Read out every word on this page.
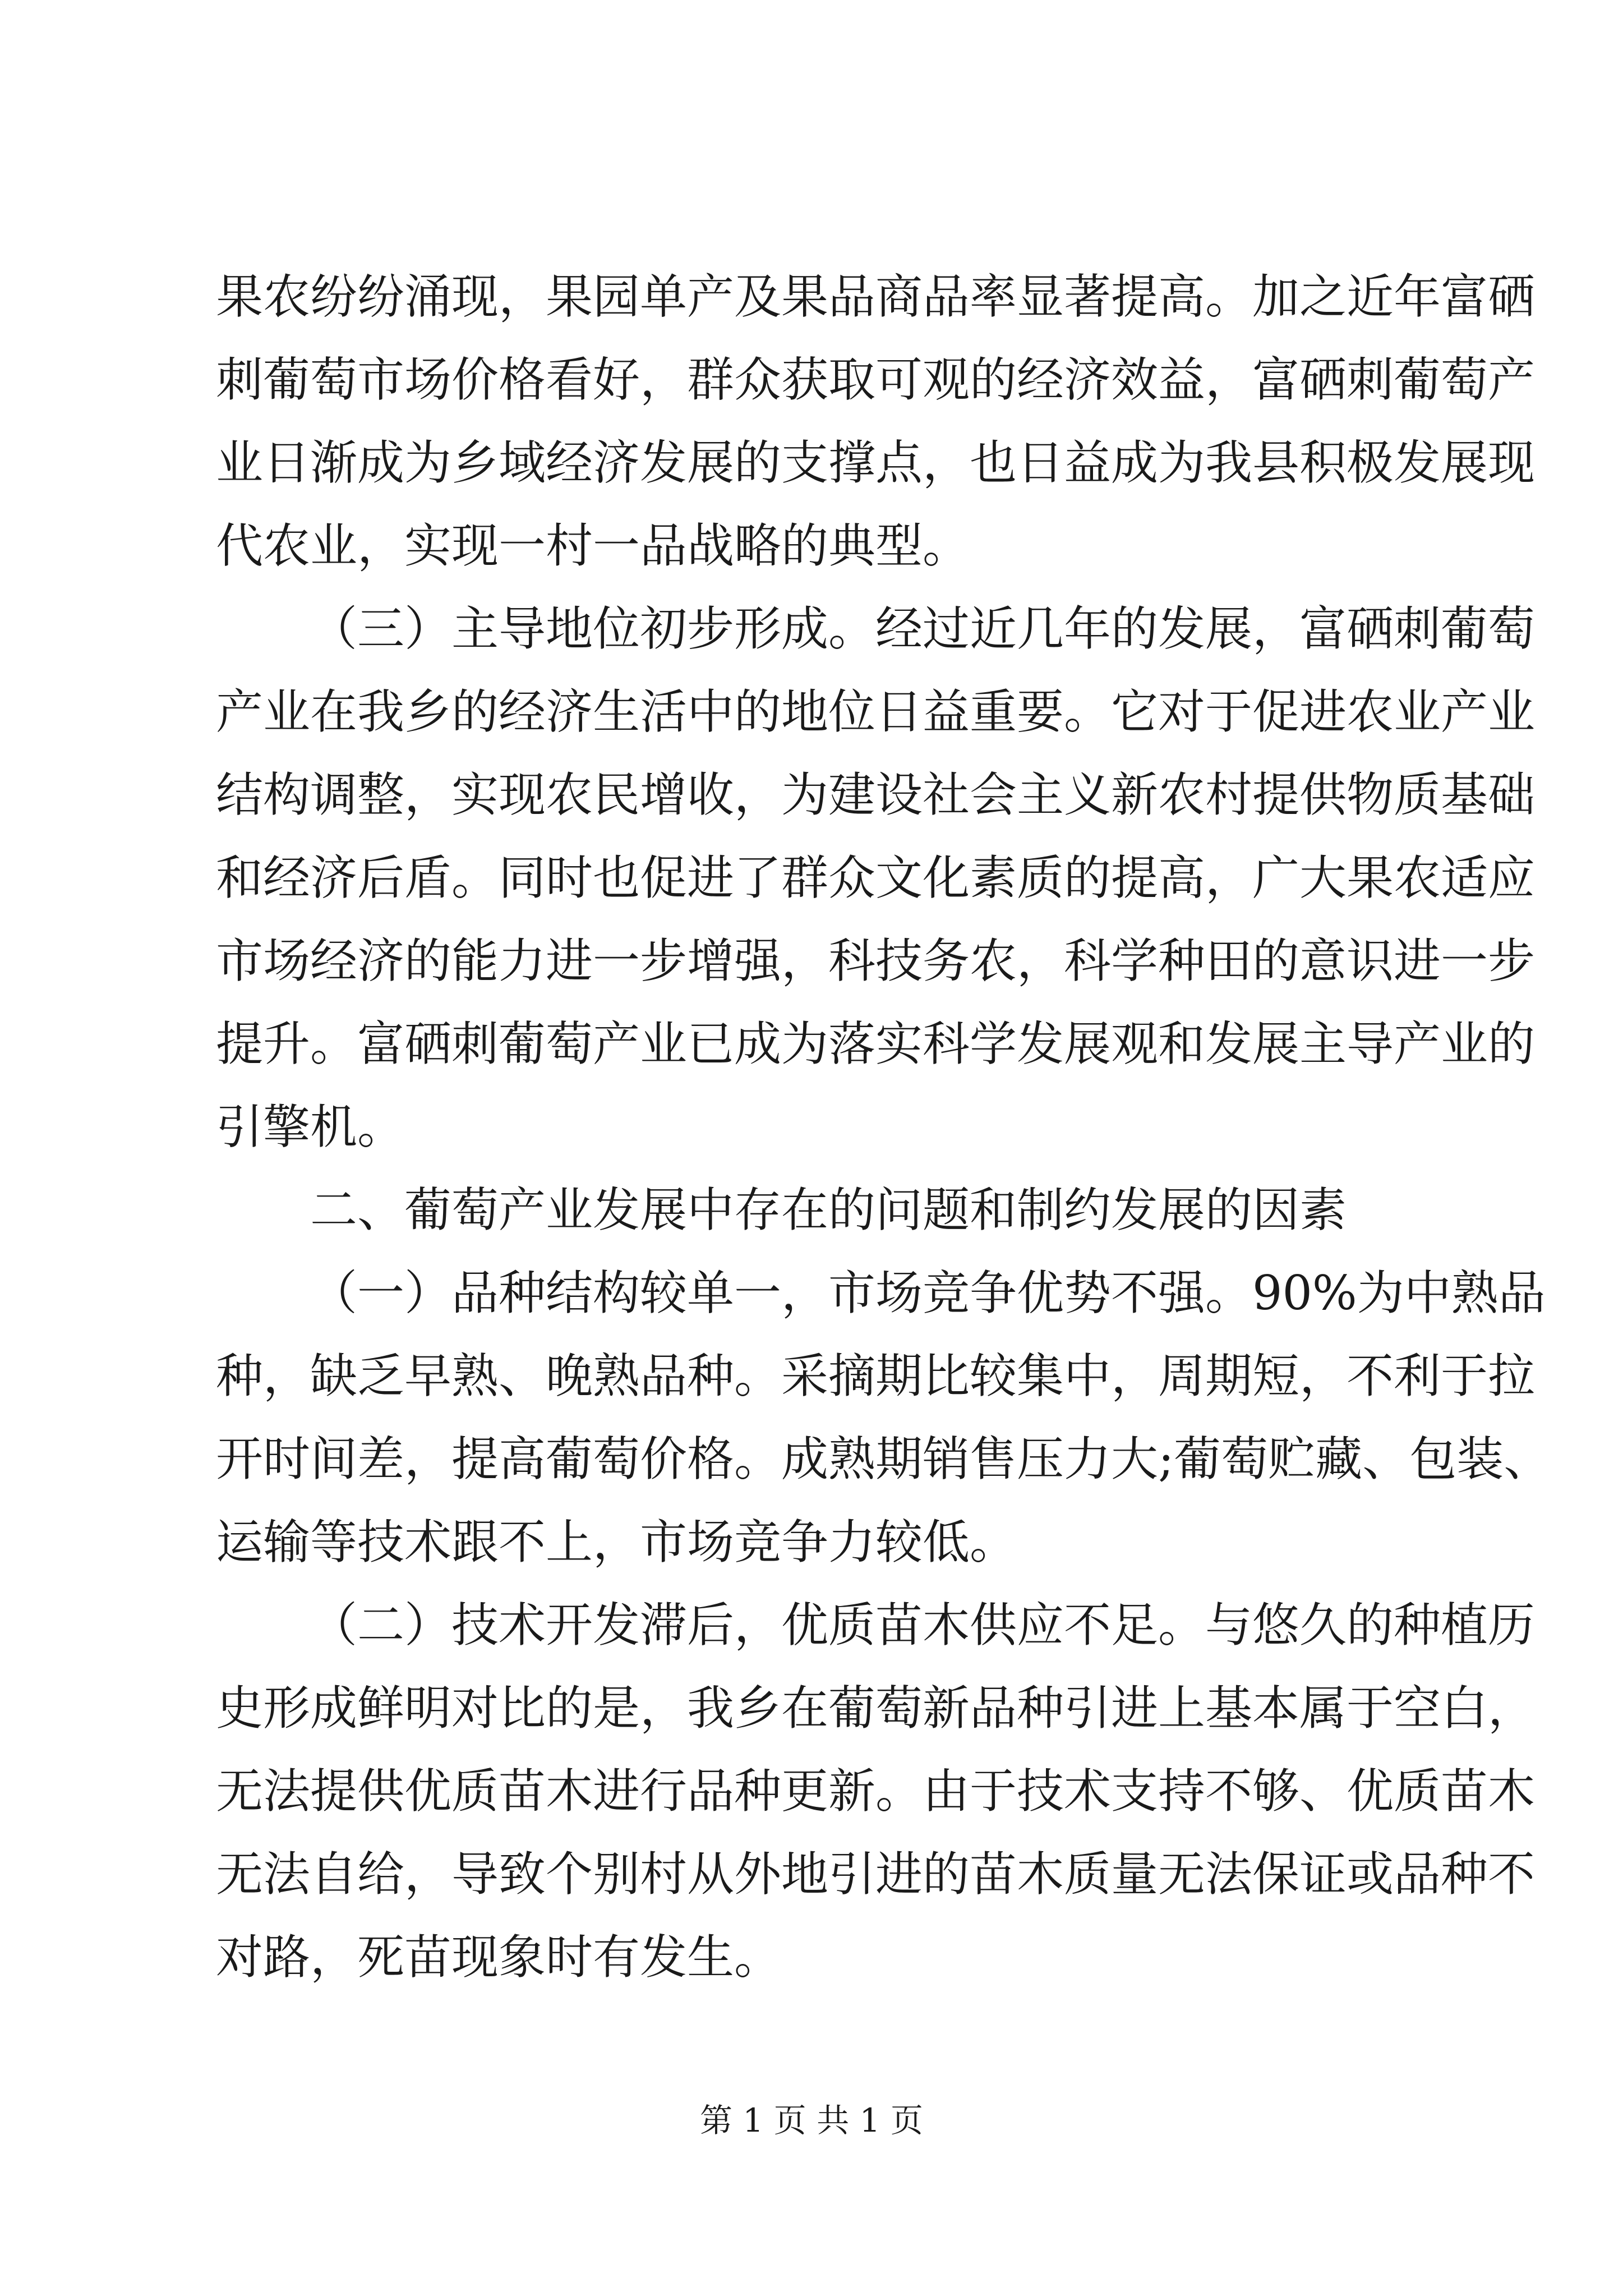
果农纷纷涌现，果园单产及果品商品率显著提高。加之近年富硒
刺葡萄市场价格看好，群众获取可观的经济效益，富硒刺葡萄产
业日渐成为乡域经济发展的支撑点，也日益成为我县积极发展现
代农业，实现一村一品战略的典型。
（三）主导地位初步形成。经过近几年的发展，富硒刺葡萄
产业在我乡的经济生活中的地位日益重要。它对于促进农业产业
结构调整，实现农民增收，为建设社会主义新农村提供物质基础
和经济后盾。同时也促进了群众文化素质的提高，广大果农适应
市场经济的能力进一步增强，科技务农，科学种田的意识进一步
提升。富硒刺葡萄产业已成为落实科学发展观和发展主导产业的
引擎机。
二、葡萄产业发展中存在的问题和制约发展的因素
（一）品种结构较单一，市场竞争优势不强。90%为中熟品
种，缺乏早熟、晚熟品种。采摘期比较集中，周期短，不利于拉
开时间差，提高葡萄价格。成熟期销售压力大;葡萄贮藏、包装、
运输等技术跟不上，市场竞争力较低。
（二）技术开发滞后，优质苗木供应不足。与悠久的种植历
史形成鲜明对比的是，我乡在葡萄新品种引进上基本属于空白，
无法提供优质苗木进行品种更新。由于技术支持不够、优质苗木
无法自给，导致个别村从外地引进的苗木质量无法保证或品种不
对路，死苗现象时有发生。
第 1 页 共 1 页
